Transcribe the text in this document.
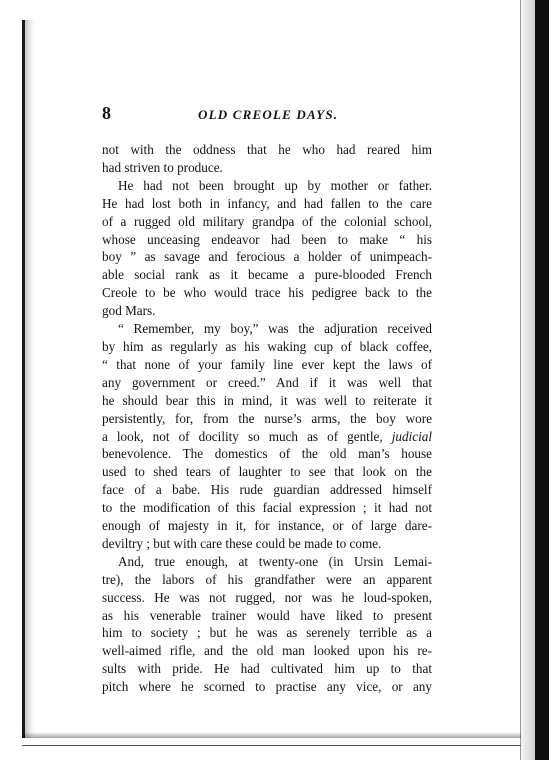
8	OLD CREOLE DAYS.
not with the oddness that he who had reared him
had striven to produce.
He had not been brought up by mother or father.
He had lost both in infancy, and had fallen to the care
of a rugged old military grandpa of the colonial school,
whose unceasing endeavor had been to make “ his
boy ” as savage and ferocious a holder of unimpeach-
able social rank as it became a pure-blooded French
Creole to be who would trace his pedigree back to the
god Mars.
“ Remember, my boy,” was the adjuration received
by him as regularly as his waking cup of black coffee,
“ that none of your family line ever kept the laws of
any government or creed.” And if it was well that
he should bear this in mind, it was well to reiterate it
persistently, for, from the nurse’s arms, the boy wore
a look, not of docility so much as of gentle, judicial
benevolence. The domestics of the old man’s house
used to shed tears of laughter to see that look on the
face of a babe. His rude guardian addressed himself
to the modification of this facial expression ; it had not
enough of majesty in it, for instance, or of large dare-
deviltry ; but with care these could be made to come.
And, true enough, at twenty-one (in Ursin Lemai-
tre), the labors of his grandfather were an apparent
success. He was not rugged, nor was he loud-spoken,
as his venerable trainer would have liked to present
him to society ; but he was as serenely terrible as a
well-aimed rifle, and the old man looked upon his re-
sults with pride. He had cultivated him up to that
pitch where he scorned to practise any vice, or any
